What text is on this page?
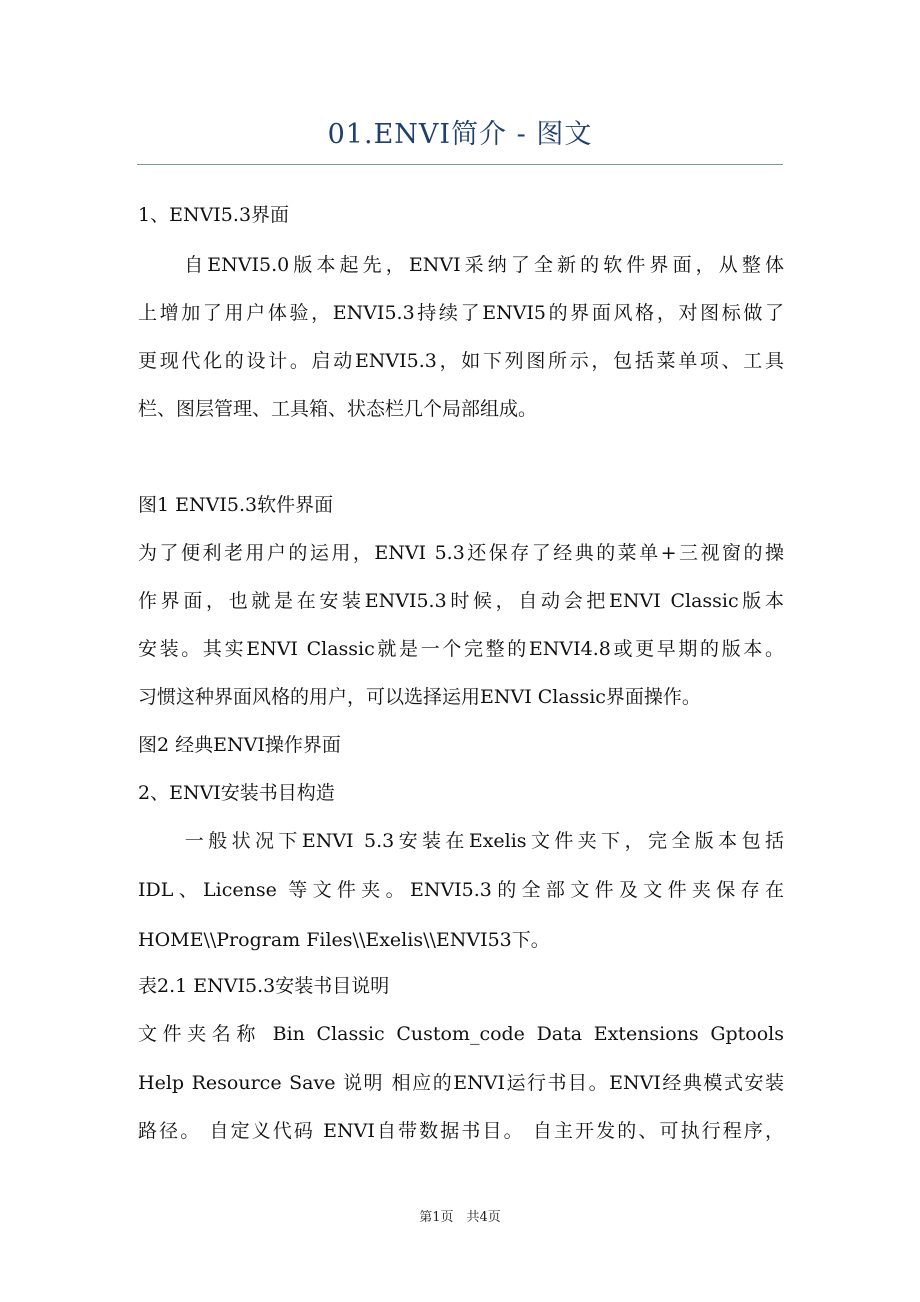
01.ENVI简介 - 图文
1、ENVI5.3界面
　　自ENVI5.0版本起先，ENVI采纳了全新的软件界面，从整体
上增加了用户体验，ENVI5.3持续了ENVI5的界面风格，对图标做了
更现代化的设计。启动ENVI5.3，如下列图所示，包括菜单项、工具
栏、图层管理、工具箱、状态栏几个局部组成。
图1 ENVI5.3软件界面
为了便利老用户的运用，ENVI 5.3还保存了经典的菜单+三视窗的操
作界面，也就是在安装ENVI5.3时候，自动会把ENVI Classic版本
安装。其实ENVI Classic就是一个完整的ENVI4.8或更早期的版本。
习惯这种界面风格的用户，可以选择运用ENVI Classic界面操作。
图2 经典ENVI操作界面
2、ENVI安装书目构造
　　一般状况下ENVI 5.3安装在Exelis文件夹下，完全版本包括
IDL、License 等文件夹。ENVI5.3的全部文件及文件夹保存在
HOME\\Program Files\\Exelis\\ENVI53下。
表2.1 ENVI5.3安装书目说明
文件夹名称 Bin Classic Custom_code Data Extensions Gptools
Help Resource Save 说明 相应的ENVI运行书目。ENVI经典模式安装
路径。 自定义代码 ENVI自带数据书目。 自主开发的、可执行程序，
第1页　共4页
